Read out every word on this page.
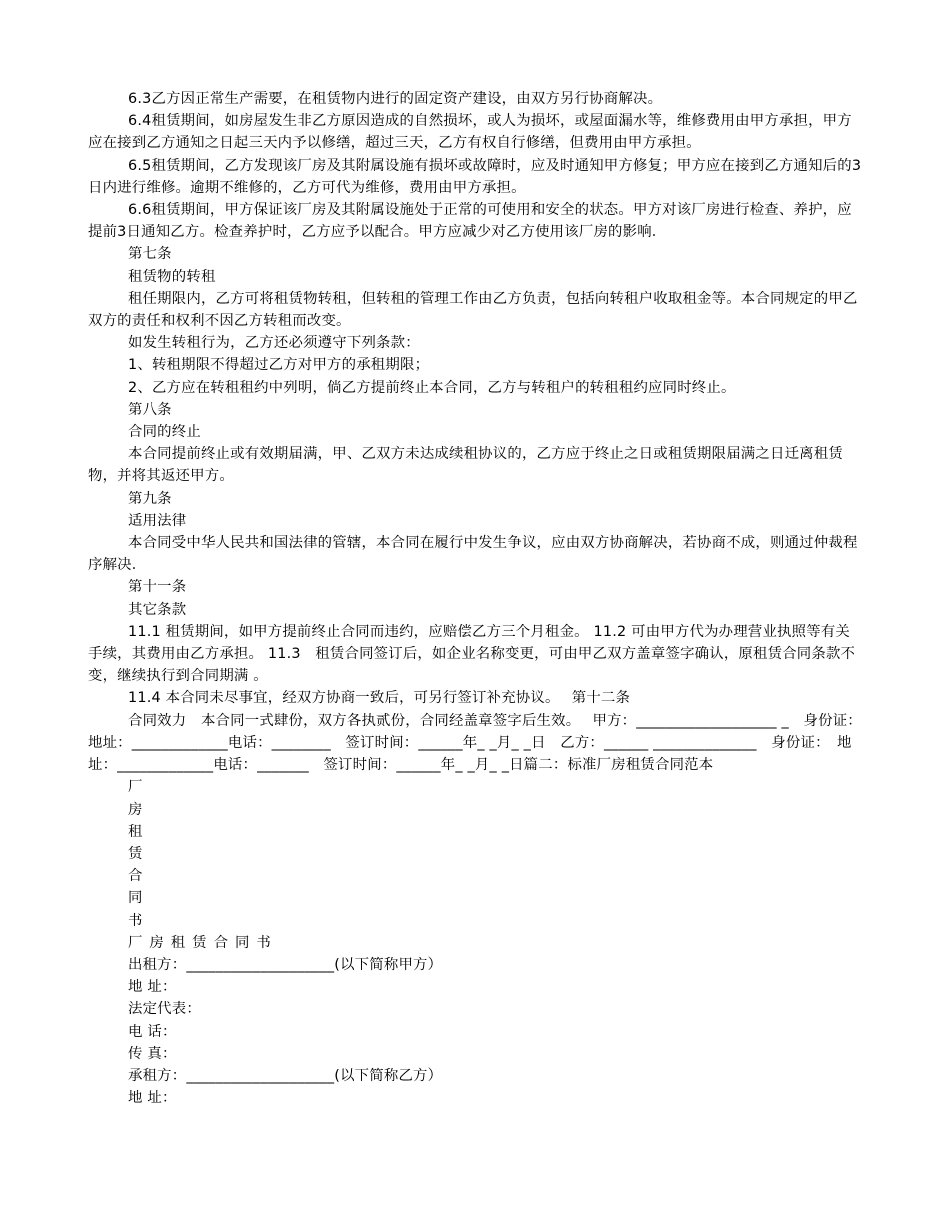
6.3乙方因正常生产需要，在租赁物内进行的固定资产建设，由双方另行协商解决。

6.4租赁期间，如房屋发生非乙方原因造成的自然损坏，或人为损坏，或屋面漏水等，维修费用由甲方承担，甲方应在接到乙方通知之日起三天内予以修缮，超过三天，乙方有权自行修缮，但费用由甲方承担。

6.5租赁期间，乙方发现该厂房及其附属设施有损坏或故障时，应及时通知甲方修复；甲方应在接到乙方通知后的3日内进行维修。逾期不维修的，乙方可代为维修，费用由甲方承担。

6.6租赁期间，甲方保证该厂房及其附属设施处于正常的可使用和安全的状态。甲方对该厂房进行检查、养护，应提前3日通知乙方。检查养护时，乙方应予以配合。甲方应减少对乙方使用该厂房的影响．

第七条

租赁物的转租

租任期限内，乙方可将租赁物转租，但转租的管理工作由乙方负责，包括向转租户收取租金等。本合同规定的甲乙双方的责任和权利不因乙方转租而改变。

如发生转租行为，乙方还必须遵守下列条款：

1、转租期限不得超过乙方对甲方的承租期限；

2、乙方应在转租租约中列明，倘乙方提前终止本合同，乙方与转租户的转租租约应同时终止。

第八条

合同的终止

本合同提前终止或有效期届满，甲、乙双方未达成续租协议的，乙方应于终止之日或租赁期限届满之日迁离租赁物，并将其返还甲方。

第九条

适用法律

本合同受中华人民共和国法律的管辖，本合同在履行中发生争议，应由双方协商解决，若协商不成，则通过仲裁程序解决．

第十一条

其它条款

11.1 租赁期间，如甲方提前终止合同而违约，应赔偿乙方三个月租金。 11.2 可由甲方代为办理营业执照等有关手续，其费用由乙方承担。 11.3　租赁合同签订后，如企业名称变更，可由甲乙双方盖章签字确认，原租赁合同条款不变，继续执行到合同期满 。

11.4 本合同未尽事宜，经双方协商一致后，可另行签订补充协议。　 第十二条

合同效力　本合同一式肆份，双方各执贰份，合同经盖章签字后生效。　 甲方：___________________ _　身份证：　　地址：_____________电话：________　签订时间：______年_ _月_ _日　乙方：______ ______________　身份证：　地址：_____________电话：_______　签订时间：______年_ _月_ _日篇二：标准厂房租赁合同范本

厂
房
租
赁
合
同
书

厂房租赁合同书

出租方：____________________(以下简称甲方）

地 址：

法定代表：

电 话：

传 真：

承租方：____________________(以下简称乙方）

地 址：
